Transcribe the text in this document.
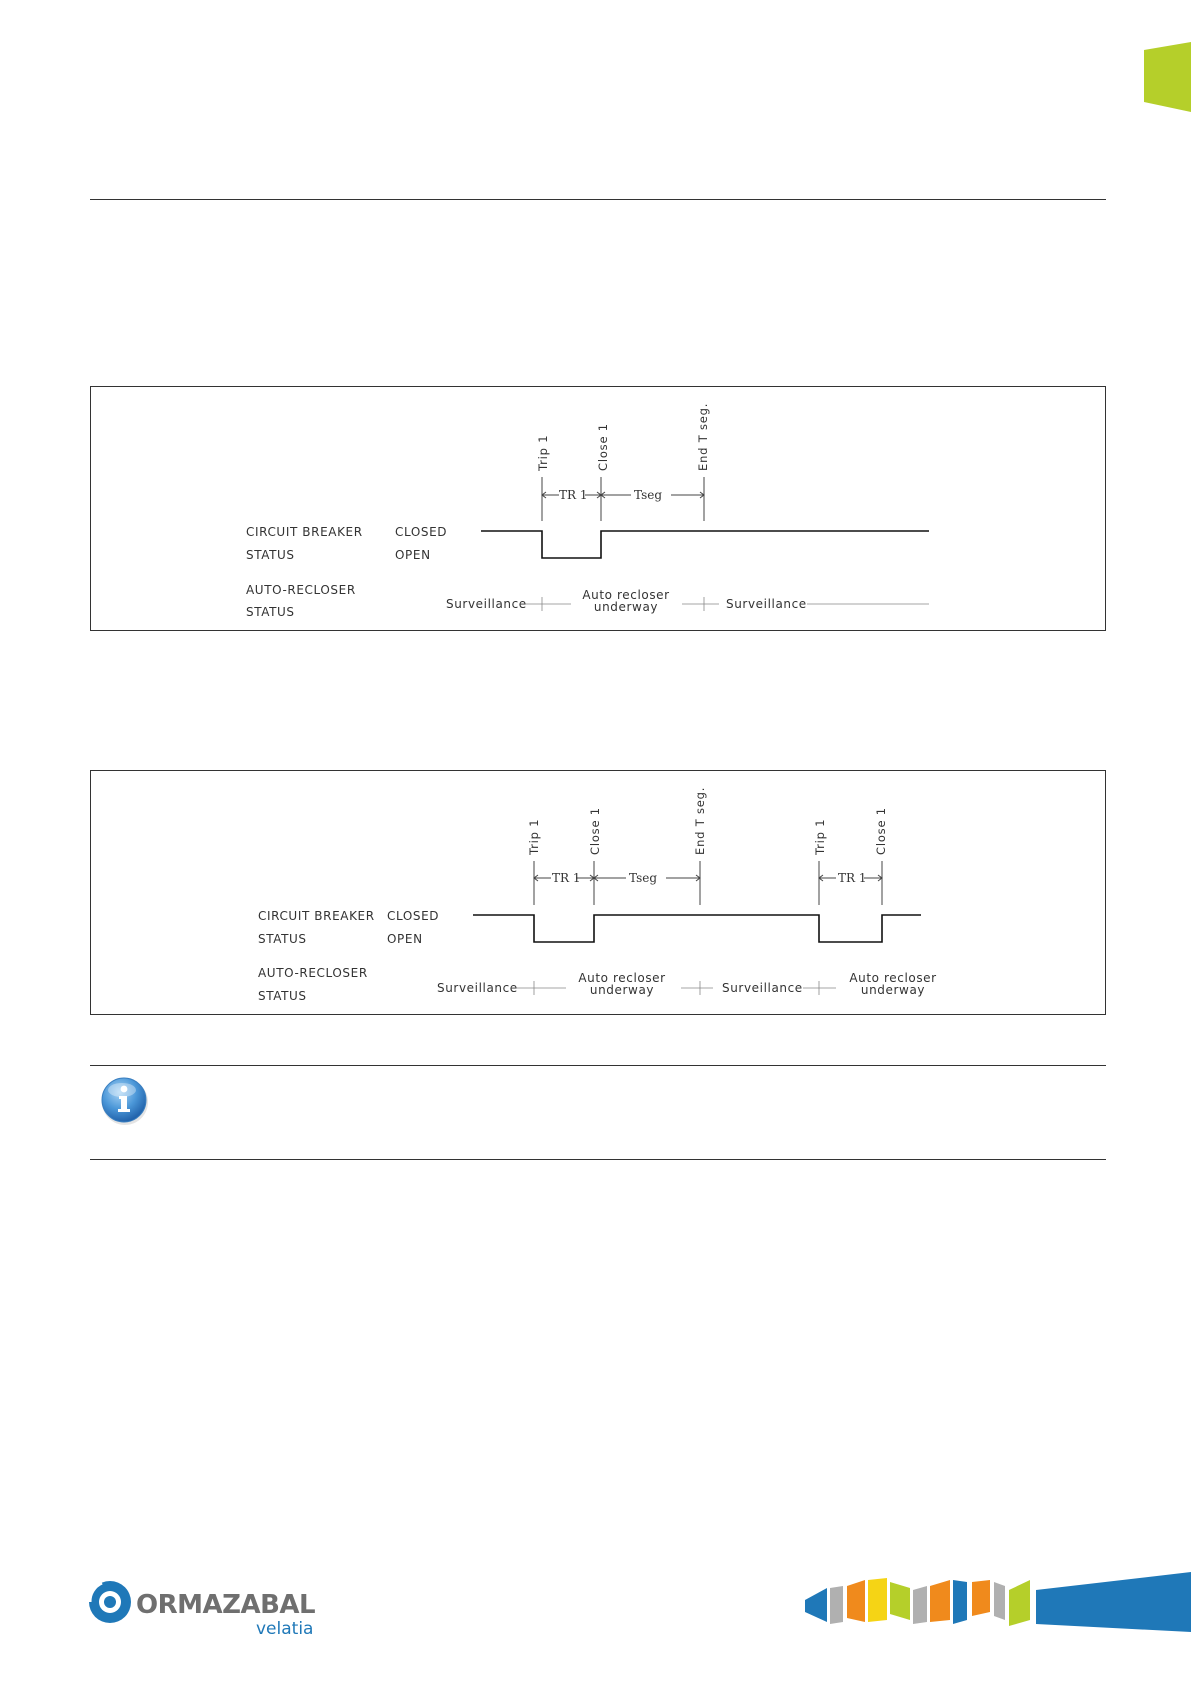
Trip 1	Close 1	End T seg.
TR 1	Tseg
CIRCUIT BREAKER	CLOSED
STATUS	OPEN
AUTO-RECLOSER
STATUS
Surveillance
Auto recloser
underway	Surveillance
Trip 1	Close 1	End T seg.	Trip 1	Close 1
TR 1	Tseg	TR 1
CIRCUIT BREAKER CLOSED
STATUS	OPEN
AUTO-RECLOSER
STATUS
Surveillance
Auto recloser
underway	Surveillance
Auto recloser
underway
ORMAZABAL
velatia
